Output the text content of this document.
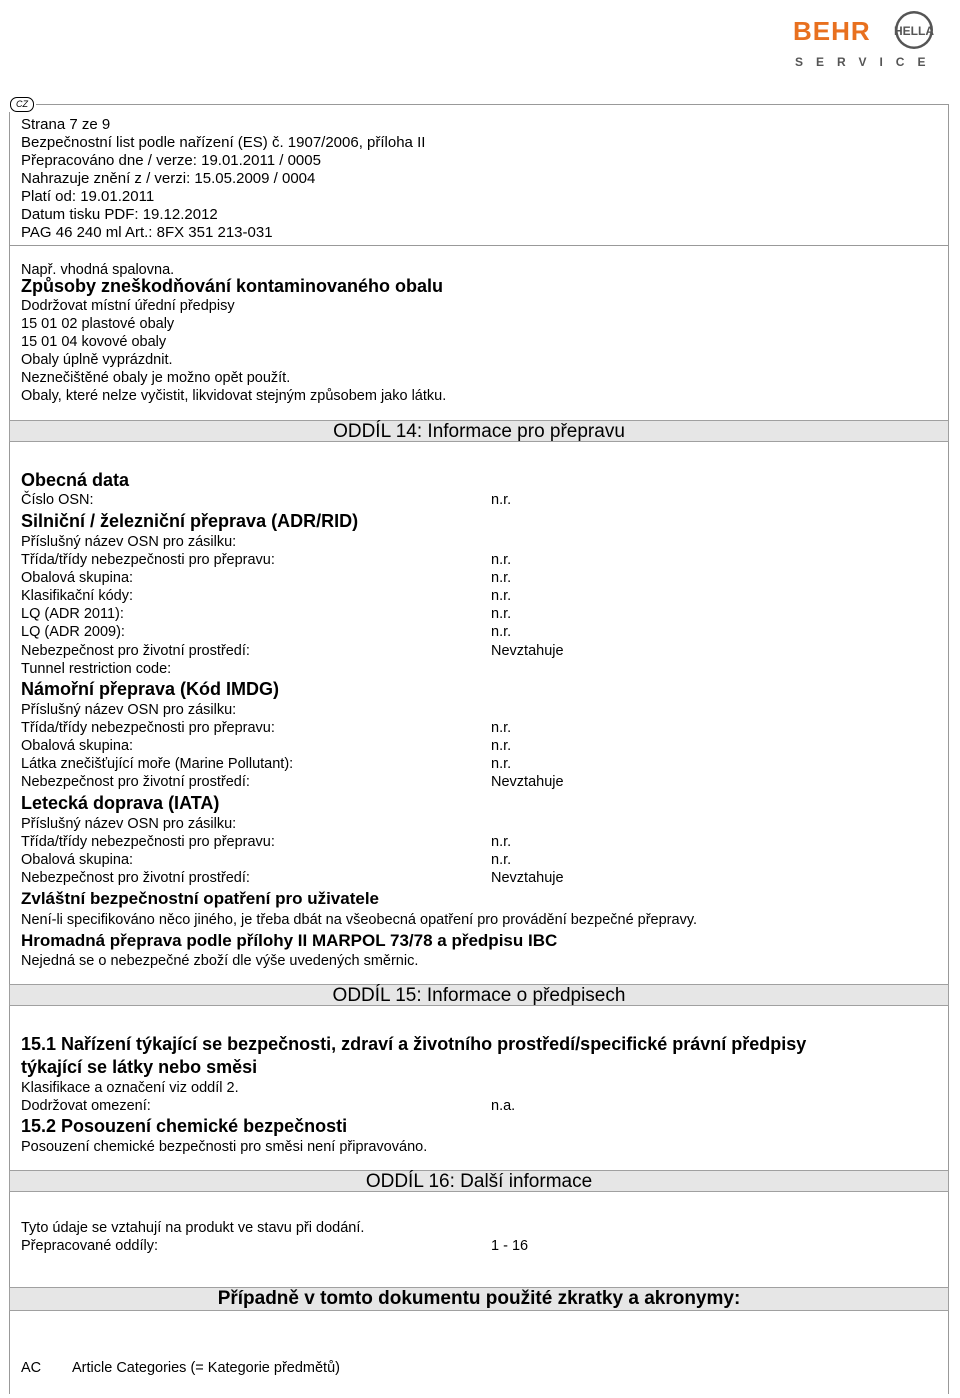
BEHR HELLA
SERVICE
CZ
Strana 7 ze 9
Bezpečnostní list podle nařízení (ES) č. 1907/2006, příloha II
Přepracováno dne / verze: 19.01.2011 / 0005
Nahrazuje znění z / verzi: 15.05.2009 / 0004
Platí od: 19.01.2011
Datum tisku PDF: 19.12.2012
PAG 46 240 ml Art.: 8FX 351 213-031
Např. vhodná spalovna.
Způsoby zneškodňování kontaminovaného obalu
Dodržovat místní úřední předpisy
15 01 02 plastové obaly
15 01 04 kovové obaly
Obaly úplně vyprázdnit.
Neznečištěné obaly je možno opět použít.
Obaly, které nelze vyčistit, likvidovat stejným způsobem jako látku.
ODDÍL 14: Informace pro přepravu
Obecná data
Číslo OSN:	n.r.
Silniční / železniční přeprava (ADR/RID)
Příslušný název OSN pro zásilku:
Třída/třídy nebezpečnosti pro přepravu:	n.r.
Obalová skupina:	n.r.
Klasifikační kódy:	n.r.
LQ (ADR 2011):	n.r.
LQ (ADR 2009):	n.r.
Nebezpečnost pro životní prostředí:	Nevztahuje
Tunnel restriction code:
Námořní přeprava (Kód IMDG)
Příslušný název OSN pro zásilku:
Třída/třídy nebezpečnosti pro přepravu:	n.r.
Obalová skupina:	n.r.
Látka znečišťující moře (Marine Pollutant):	n.r.
Nebezpečnost pro životní prostředí:	Nevztahuje
Letecká doprava (IATA)
Příslušný název OSN pro zásilku:
Třída/třídy nebezpečnosti pro přepravu:	n.r.
Obalová skupina:	n.r.
Nebezpečnost pro životní prostředí:	Nevztahuje
Zvláštní bezpečnostní opatření pro uživatele
Není-li specifikováno něco jiného, je třeba dbát na všeobecná opatření pro provádění bezpečné přepravy.
Hromadná přeprava podle přílohy II MARPOL 73/78 a předpisu IBC
Nejedná se o nebezpečné zboží dle výše uvedených směrnic.
ODDÍL 15: Informace o předpisech
15.1 Nařízení týkající se bezpečnosti, zdraví a životního prostředí/specifické právní předpisy
týkající se látky nebo směsi
Klasifikace a označení viz oddíl 2.
Dodržovat omezení:	n.a.
15.2 Posouzení chemické bezpečnosti
Posouzení chemické bezpečnosti pro směsi není připravováno.
ODDÍL 16: Další informace
Tyto údaje se vztahují na produkt ve stavu při dodání.
Přepracované oddíly:	1 - 16
Případně v tomto dokumentu použité zkratky a akronymy:
AC Article Categories (= Kategorie předmětů)
